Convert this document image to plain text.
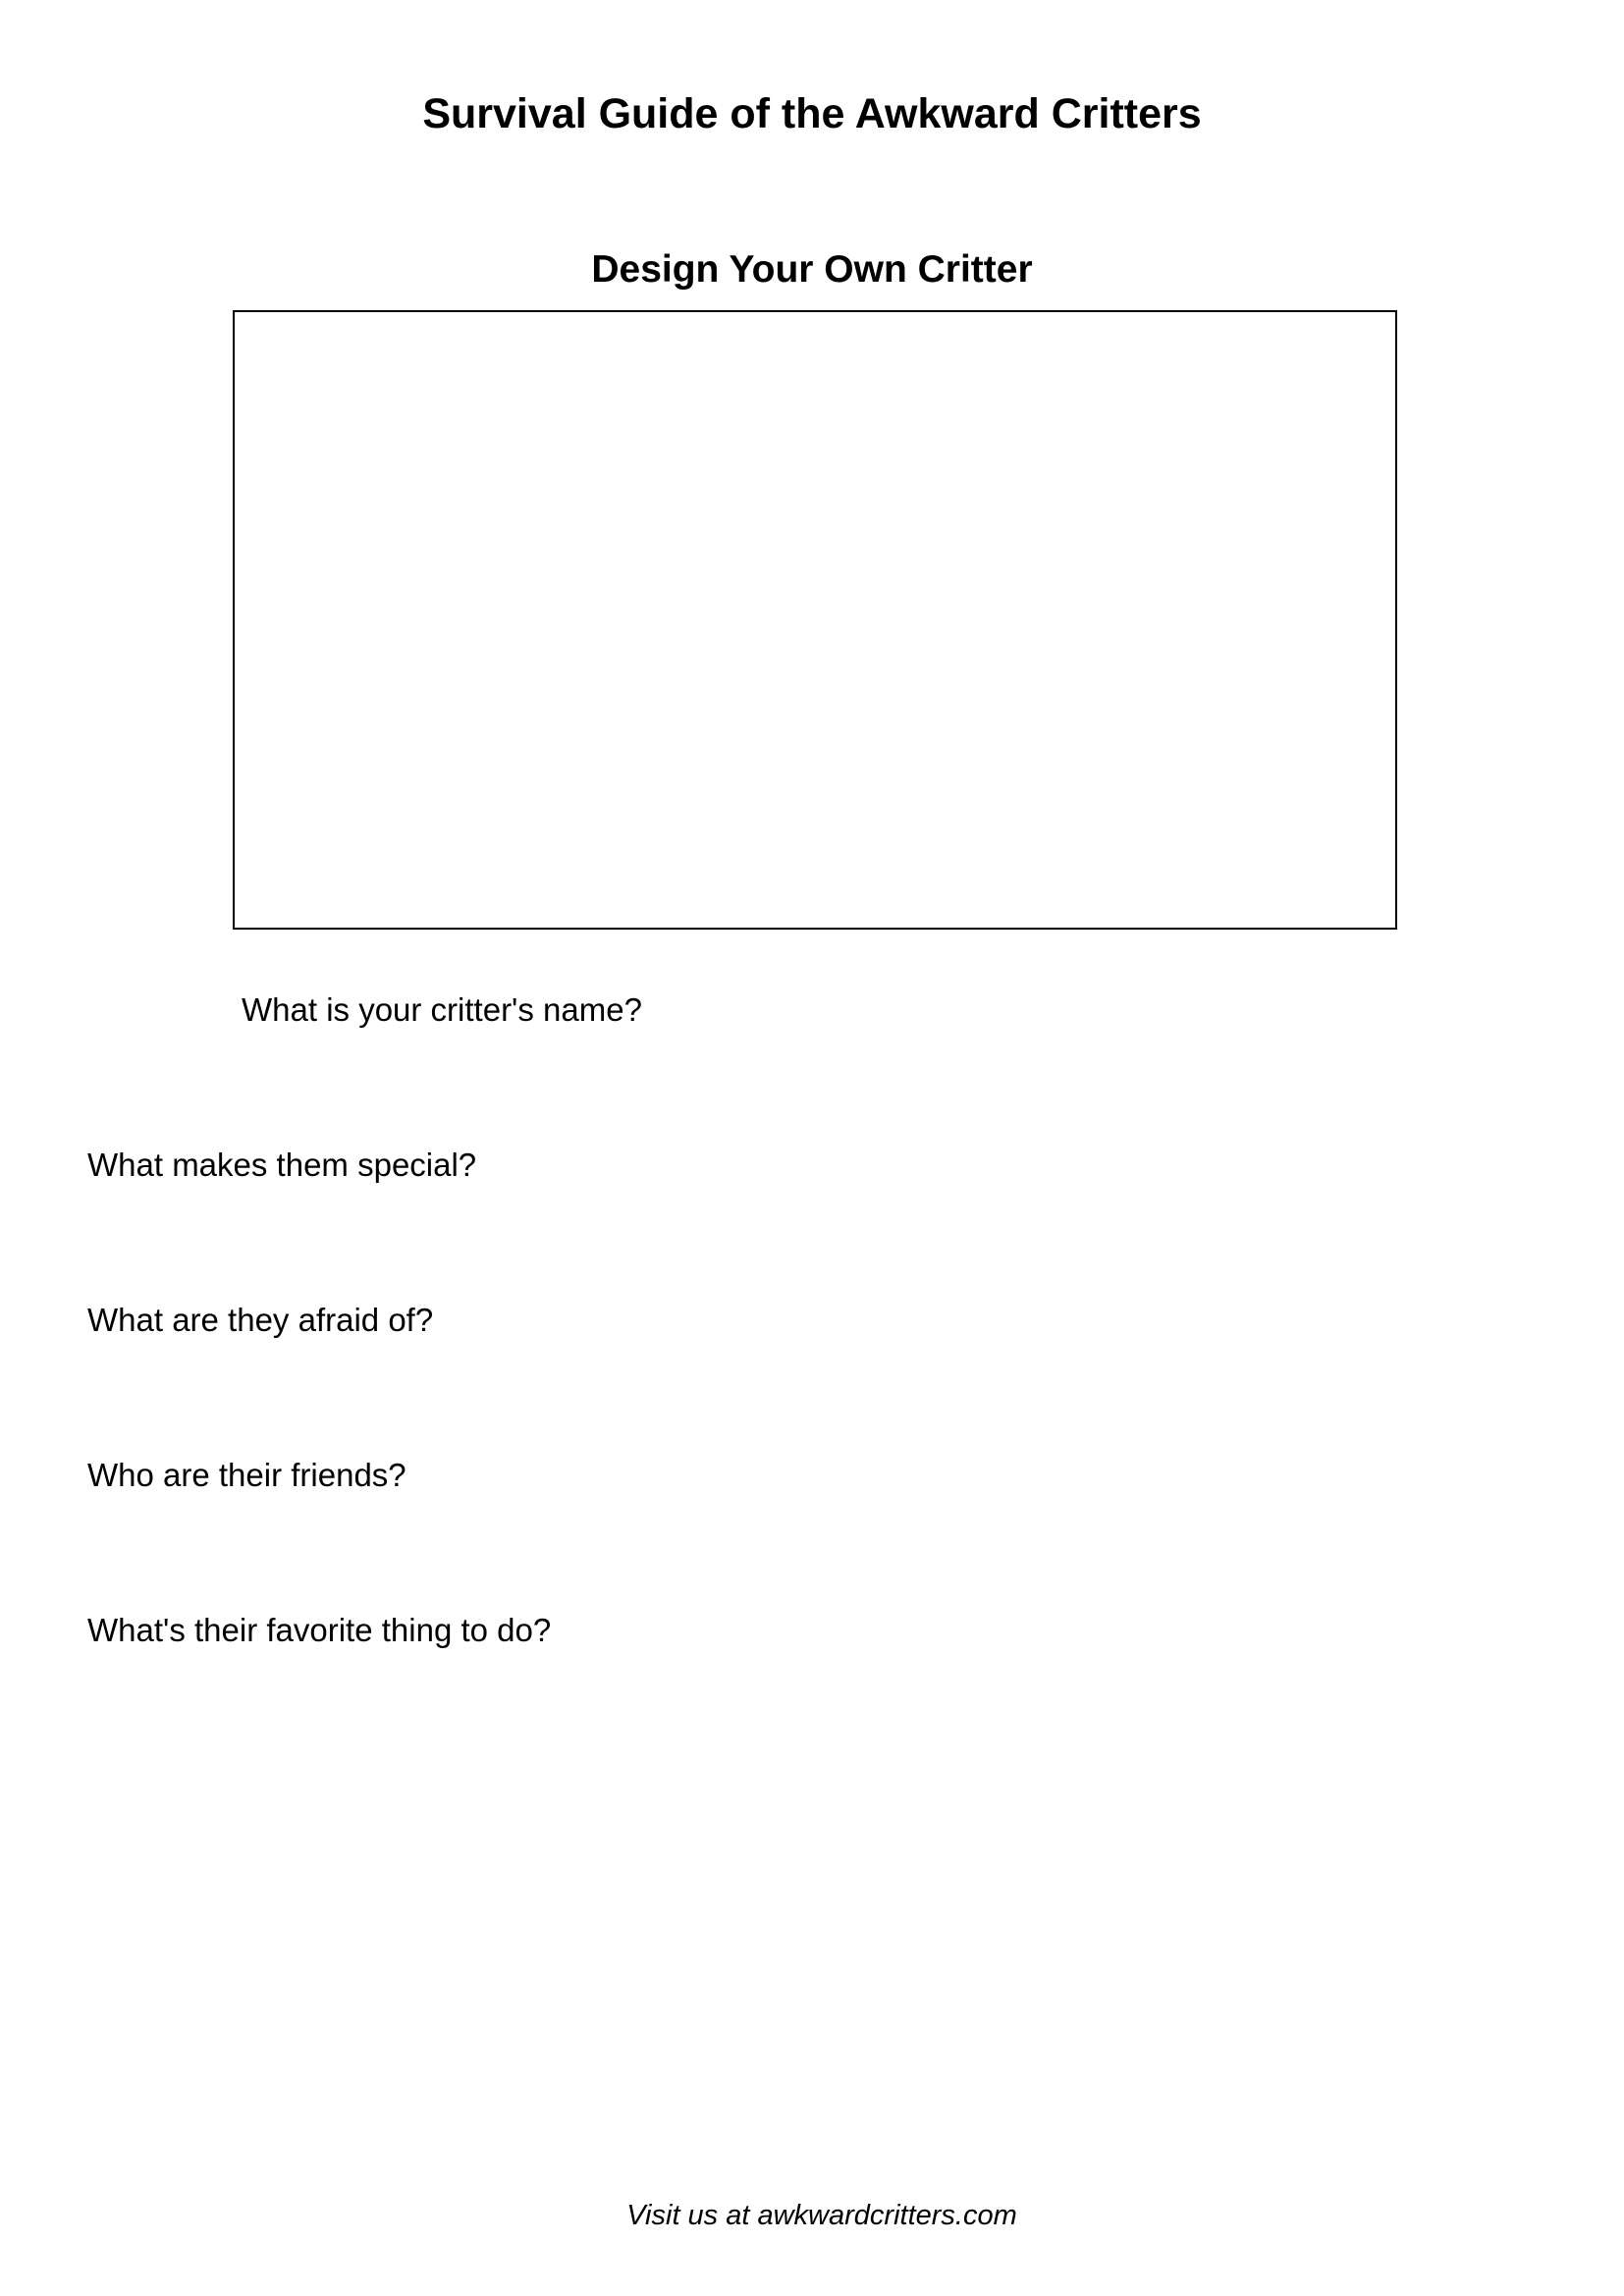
Survival Guide of the Awkward Critters
Design Your Own Critter

What is your critter's name?

What makes them special?

What are they afraid of?

Who are their friends?

What's their favorite thing to do?

Visit us at awkwardcritters.com
